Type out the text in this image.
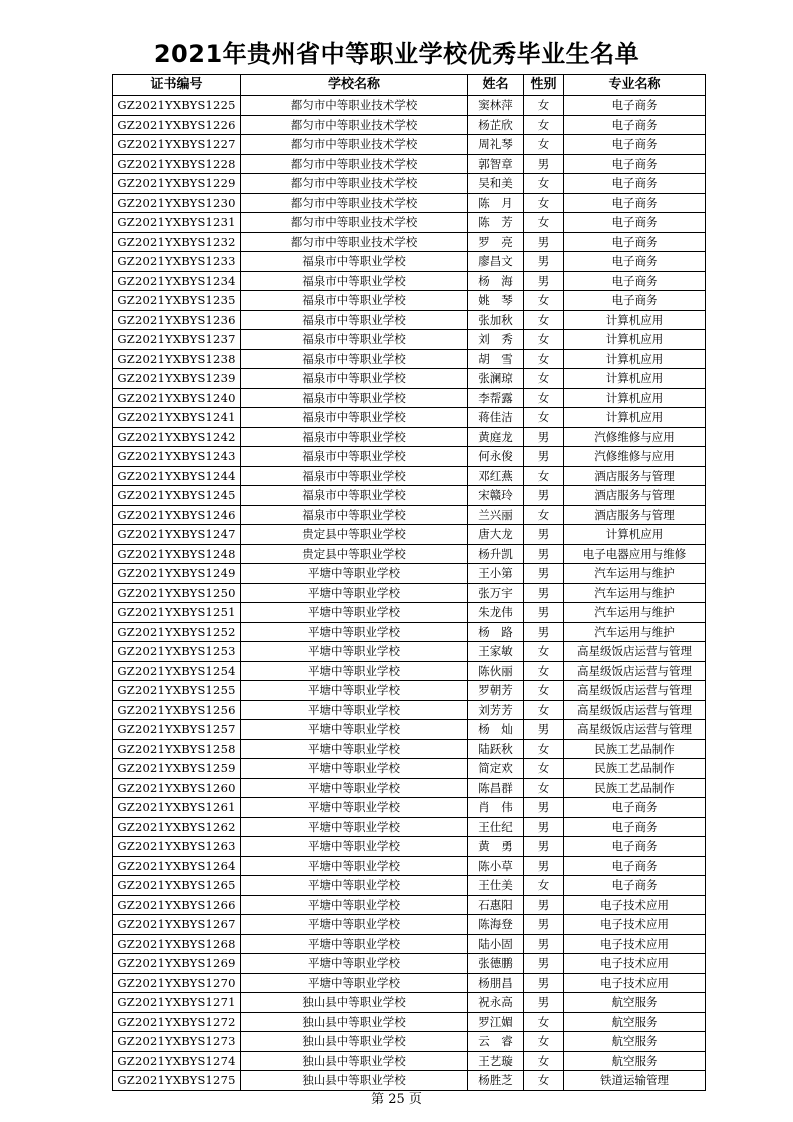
2021年贵州省中等职业学校优秀毕业生名单
证书编号	学校名称	姓名	性别	专业名称
GZ2021YXBYS1225	都匀市中等职业技术学校	窦林萍	女	电子商务
GZ2021YXBYS1226	都匀市中等职业技术学校	杨芷欣	女	电子商务
GZ2021YXBYS1227	都匀市中等职业技术学校	周礼琴	女	电子商务
GZ2021YXBYS1228	都匀市中等职业技术学校	郭智章	男	电子商务
GZ2021YXBYS1229	都匀市中等职业技术学校	吴和美	女	电子商务
GZ2021YXBYS1230	都匀市中等职业技术学校	陈　月	女	电子商务
GZ2021YXBYS1231	都匀市中等职业技术学校	陈　芳	女	电子商务
GZ2021YXBYS1232	都匀市中等职业技术学校	罗　亮	男	电子商务
GZ2021YXBYS1233	福泉市中等职业学校	廖昌文	男	电子商务
GZ2021YXBYS1234	福泉市中等职业学校	杨　海	男	电子商务
GZ2021YXBYS1235	福泉市中等职业学校	姚　琴	女	电子商务
GZ2021YXBYS1236	福泉市中等职业学校	张加秋	女	计算机应用
GZ2021YXBYS1237	福泉市中等职业学校	刘　秀	女	计算机应用
GZ2021YXBYS1238	福泉市中等职业学校	胡　雪	女	计算机应用
GZ2021YXBYS1239	福泉市中等职业学校	张澜琼	女	计算机应用
GZ2021YXBYS1240	福泉市中等职业学校	李帮露	女	计算机应用
GZ2021YXBYS1241	福泉市中等职业学校	蒋佳洁	女	计算机应用
GZ2021YXBYS1242	福泉市中等职业学校	黄庭龙	男	汽修维修与应用
GZ2021YXBYS1243	福泉市中等职业学校	何永俊	男	汽修维修与应用
GZ2021YXBYS1244	福泉市中等职业学校	邓红燕	女	酒店服务与管理
GZ2021YXBYS1245	福泉市中等职业学校	宋赣玲	男	酒店服务与管理
GZ2021YXBYS1246	福泉市中等职业学校	兰兴丽	女	酒店服务与管理
GZ2021YXBYS1247	贵定县中等职业学校	唐大龙	男	计算机应用
GZ2021YXBYS1248	贵定县中等职业学校	杨升凯	男	电子电器应用与维修
GZ2021YXBYS1249	平塘中等职业学校	王小第	男	汽车运用与维护
GZ2021YXBYS1250	平塘中等职业学校	张万宇	男	汽车运用与维护
GZ2021YXBYS1251	平塘中等职业学校	朱龙伟	男	汽车运用与维护
GZ2021YXBYS1252	平塘中等职业学校	杨　路	男	汽车运用与维护
GZ2021YXBYS1253	平塘中等职业学校	王家敏	女	高星级饭店运营与管理
GZ2021YXBYS1254	平塘中等职业学校	陈伙丽	女	高星级饭店运营与管理
GZ2021YXBYS1255	平塘中等职业学校	罗朝芳	女	高星级饭店运营与管理
GZ2021YXBYS1256	平塘中等职业学校	刘芳芳	女	高星级饭店运营与管理
GZ2021YXBYS1257	平塘中等职业学校	杨　灿	男	高星级饭店运营与管理
GZ2021YXBYS1258	平塘中等职业学校	陆跃秋	女	民族工艺品制作
GZ2021YXBYS1259	平塘中等职业学校	简定欢	女	民族工艺品制作
GZ2021YXBYS1260	平塘中等职业学校	陈昌群	女	民族工艺品制作
GZ2021YXBYS1261	平塘中等职业学校	肖　伟	男	电子商务
GZ2021YXBYS1262	平塘中等职业学校	王仕纪	男	电子商务
GZ2021YXBYS1263	平塘中等职业学校	黄　勇	男	电子商务
GZ2021YXBYS1264	平塘中等职业学校	陈小草	男	电子商务
GZ2021YXBYS1265	平塘中等职业学校	王仕美	女	电子商务
GZ2021YXBYS1266	平塘中等职业学校	石惠阳	男	电子技术应用
GZ2021YXBYS1267	平塘中等职业学校	陈海登	男	电子技术应用
GZ2021YXBYS1268	平塘中等职业学校	陆小固	男	电子技术应用
GZ2021YXBYS1269	平塘中等职业学校	张德鹏	男	电子技术应用
GZ2021YXBYS1270	平塘中等职业学校	杨朋昌	男	电子技术应用
GZ2021YXBYS1271	独山县中等职业学校	祝永高	男	航空服务
GZ2021YXBYS1272	独山县中等职业学校	罗江媚	女	航空服务
GZ2021YXBYS1273	独山县中等职业学校	云　睿	女	航空服务
GZ2021YXBYS1274	独山县中等职业学校	王艺璇	女	航空服务
GZ2021YXBYS1275	独山县中等职业学校	杨胜芝	女	铁道运输管理
第 25 页
